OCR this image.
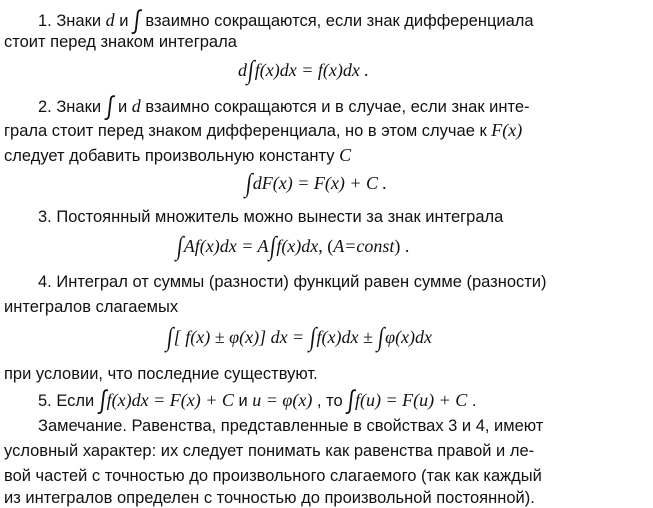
1. Знаки d и ∫ взаимно сокращаются, если знак дифференциала
стоит перед знаком интеграла
d∫f(x)dx = f(x)dx .
2. Знаки ∫ и d взаимно сокращаются и в случае, если знак инте-
грала стоит перед знаком дифференциала, но в этом случае к F(x)
следует добавить произвольную константу C
∫dF(x) = F(x) + C .
3. Постоянный множитель можно вынести за знак интеграла
∫Af(x)dx = A∫f(x)dx, (A=const) .
4. Интеграл от суммы (разности) функций равен сумме (разности)
интегралов слагаемых
∫[ f(x) ± φ(x)] dx = ∫f(x)dx ± ∫φ(x)dx
при условии, что последние существуют.
5. Если ∫f(x)dx = F(x) + C и u = φ(x) , то ∫f(u) = F(u) + C .
Замечание. Равенства, представленные в свойствах 3 и 4, имеют
условный характер: их следует понимать как равенства правой и ле-
вой частей с точностью до произвольного слагаемого (так как каждый
из интегралов определен с точностью до произвольной постоянной).
